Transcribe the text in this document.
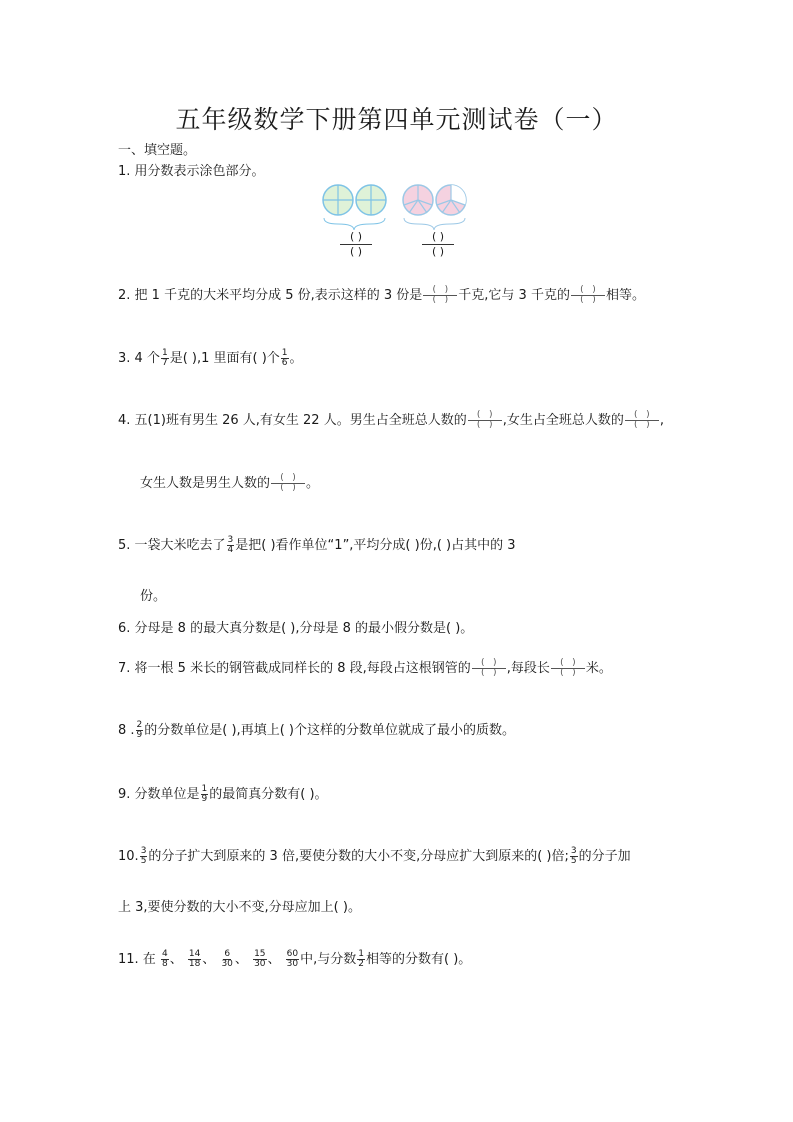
五年级数学下册第四单元测试卷（一）
一、填空题。
1. 用分数表示涂色部分。
( )
( )
( )
( )
2. 把 1 千克的大米平均分成 5 份,表示这样的 3 份是 $\frac{( )}{( )}$ 千克,它与 3 千克的 $\frac{( )}{( )}$ 相等。
3. 4 个 $\frac{1}{7}$ 是( ),1 里面有( )个 $\frac{1}{6}$ 。
4. 五(1)班有男生 26 人,有女生 22 人。男生占全班总人数的 $\frac{( )}{( )}$ ,女生占全班总人数的 $\frac{( )}{( )}$ ,
女生人数是男生人数的 $\frac{( )}{( )}$ 。
5. 一袋大米吃去了 $\frac{3}{4}$ 是把( )看作单位“1”,平均分成( )份,( )占其中的 3
份。
6. 分母是 8 的最大真分数是( ),分母是 8 的最小假分数是( )。
7. 将一根 5 米长的钢管截成同样长的 8 段,每段占这根钢管的 $\frac{( )}{( )}$ ,每段长 $\frac{( )}{( )}$ 米。
8 . $\frac{2}{9}$ 的分数单位是( ),再填上( )个这样的分数单位就成了最小的质数。
9. 分数单位是 $\frac{1}{9}$ 的最简真分数有( )。
10. $\frac{3}{5}$ 的分子扩大到原来的 3 倍,要使分数的大小不变,分母应扩大到原来的( )倍; $\frac{3}{5}$ 的分子加
上 3,要使分数的大小不变,分母应加上( )。
11. 在 $\frac{4}{8}$ 、 $\frac{14}{18}$ 、 $\frac{6}{30}$ 、 $\frac{15}{30}$ 、 $\frac{60}{30}$ 中,与分数 $\frac{1}{2}$ 相等的分数有( )。
